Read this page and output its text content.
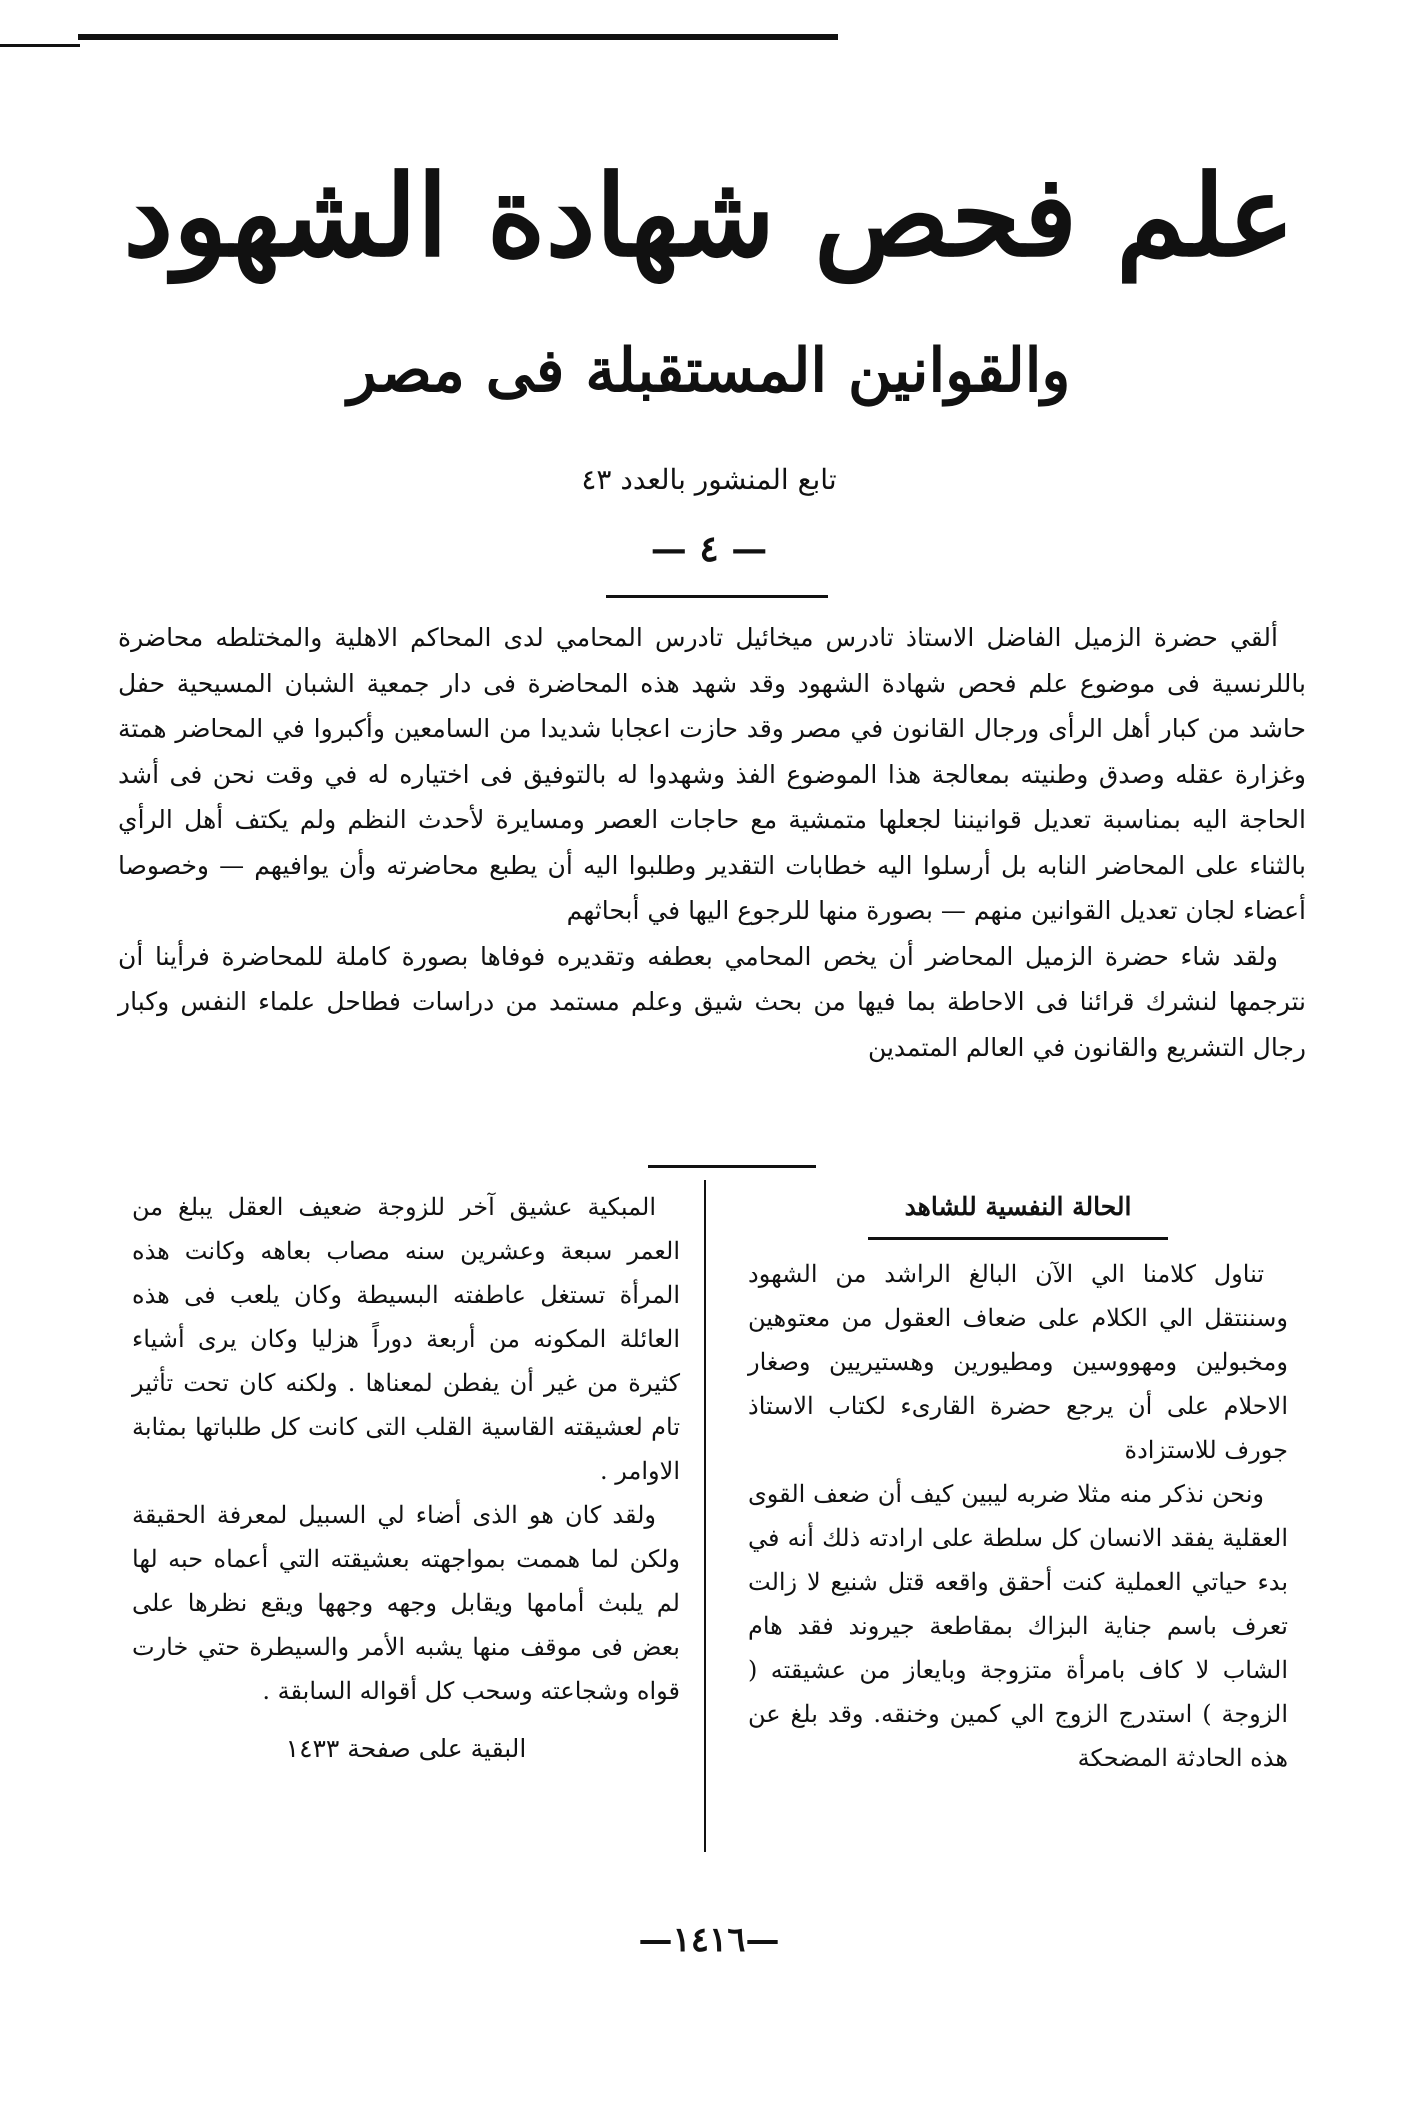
علم فحص شهادة الشهود
والقوانين المستقبلة فى مصر
تابع المنشور بالعدد ٤٣
— ٤ —

ألقي حضرة الزميل الفاضل الاستاذ تادرس ميخائيل تادرس المحامي لدى المحاكم الاهلية والمختلطه محاضرة باللرنسية فى موضوع علم فحص شهادة الشهود وقد شهد هذه المحاضرة فى دار جمعية الشبان المسيحية حفل حاشد من كبار أهل الرأى ورجال القانون في مصر وقد حازت اعجابا شديدا من السامعين وأكبروا في المحاضر همتة وغزارة عقله وصدق وطنيته بمعالجة هذا الموضوع الفذ وشهدوا له بالتوفيق فى اختياره له في وقت نحن فى أشد الحاجة اليه بمناسبة تعديل قوانيننا لجعلها متمشية مع حاجات العصر ومسايرة لأحدث النظم ولم يكتف أهل الرأي بالثناء على المحاضر النابه بل أرسلوا اليه خطابات التقدير وطلبوا اليه أن يطبع محاضرته وأن يوافيهم — وخصوصا أعضاء لجان تعديل القوانين منهم — بصورة منها للرجوع اليها في أبحاثهم

ولقد شاء حضرة الزميل المحاضر أن يخص المحامي بعطفه وتقديره فوفاها بصورة كاملة للمحاضرة فرأينا أن نترجمها لنشرك قرائنا فى الاحاطة بما فيها من بحث شيق وعلم مستمد من دراسات فطاحل علماء النفس وكبار رجال التشريع والقانون في العالم المتمدين

الحالة النفسية للشاهد

تناول كلامنا الي الآن البالغ الراشد من الشهود وسننتقل الي الكلام على ضعاف العقول من معتوهين ومخبولين ومهووسين ومطيورين وهستيريين وصغار الاحلام على أن يرجع حضرة القارىء لكتاب الاستاذ جورف للاستزادة

ونحن نذكر منه مثلا ضربه ليبين كيف أن ضعف القوى العقلية يفقد الانسان كل سلطة على ارادته ذلك أنه في بدء حياتي العملية كنت أحقق واقعه قتل شنيع لا زالت تعرف باسم جناية البزاك بمقاطعة جيروند فقد هام الشاب لا كاف بامرأة متزوجة وبايعاز من عشيقته ( الزوجة ) استدرج الزوج الي كمين وخنقه. وقد بلغ عن هذه الحادثة المضحكة

المبكية عشيق آخر للزوجة ضعيف العقل يبلغ من العمر سبعة وعشرين سنه مصاب بعاهه وكانت هذه المرأة تستغل عاطفته البسيطة وكان يلعب فى هذه العائلة المكونه من أربعة دوراً هزليا وكان يرى أشياء كثيرة من غير أن يفطن لمعناها . ولكنه كان تحت تأثير تام لعشيقته القاسية القلب التى كانت كل طلباتها بمثابة الاوامر .

ولقد كان هو الذى أضاء لي السبيل لمعرفة الحقيقة ولكن لما هممت بمواجهته بعشيقته التي أعماه حبه لها لم يلبث أمامها ويقابل وجهه وجهها ويقع نظرها على بعض فى موقف منها يشبه الأمر والسيطرة حتي خارت قواه وشجاعته وسحب كل أقواله السابقة .

البقية على صفحة ١٤٣٣
—١٤١٦—
